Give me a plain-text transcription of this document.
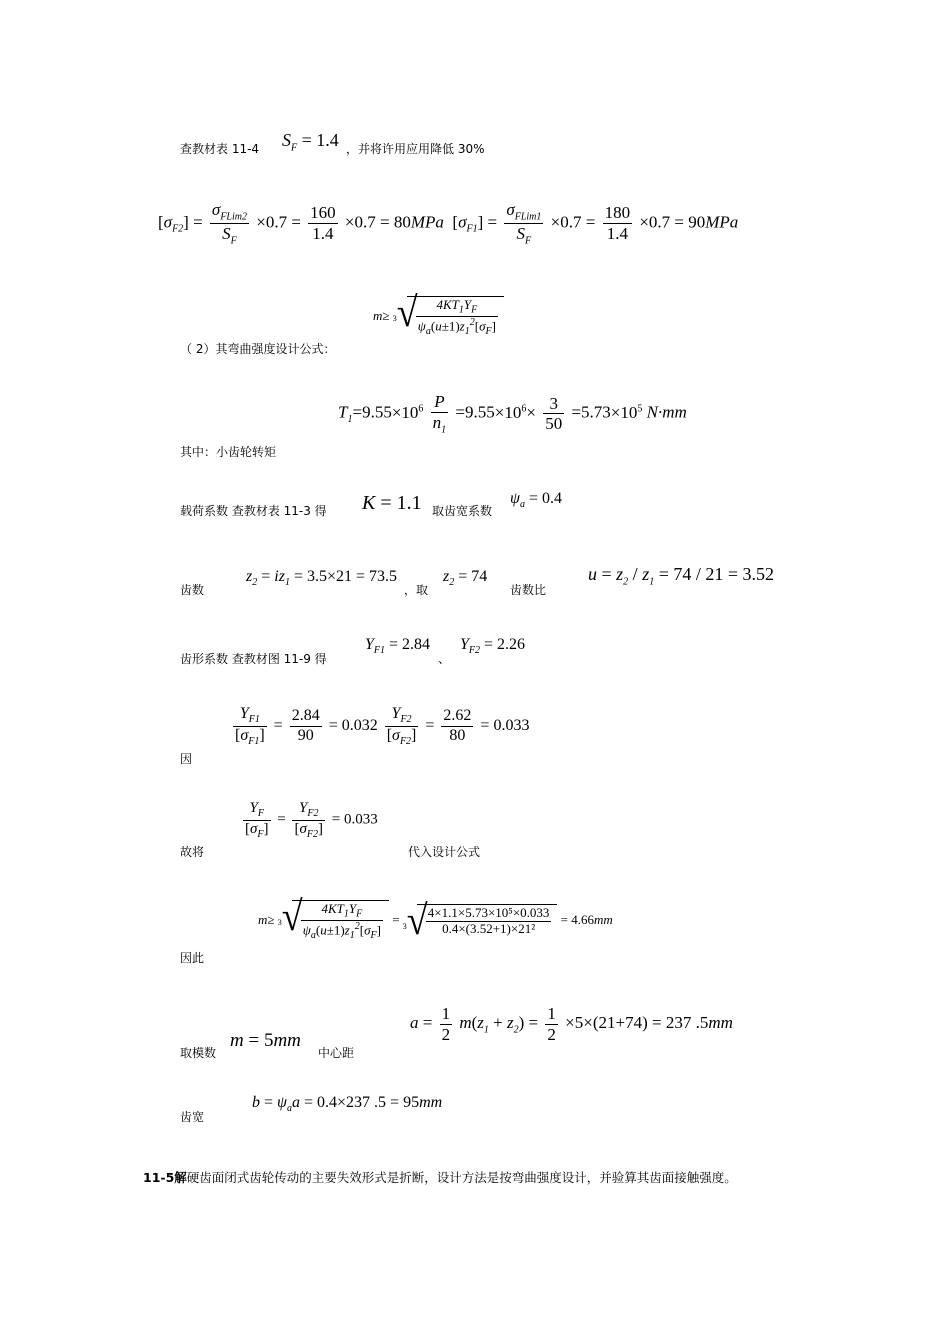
查教材表 11-4 $S_F = 1.4$ ，并将许用应用降低 30%
$[\sigma_{F2}] = \frac{\sigma_{FLim2}}{S_F} \times 0.7 = \frac{160}{1.4} \times 0.7 = 80MPa$ $[\sigma_{F1}] = \frac{\sigma_{FLim1}}{S_F} \times 0.7 = \frac{180}{1.4} \times 0.7 = 90MPa$
m≥ 3 √
$\frac{4KT_1Y_F}{\psi_a(u\pm 1)z_1^2[\sigma_F]}$
（ 2）其弯曲强度设计公式：
$T_1=9.55\times 10^6 \frac{P}{n_1} =9.55\times 10^6\times \frac{3}{50} =5.73\times 10^5$ N·mm
其中：小齿轮转矩
载荷系数 查教材表 11-3 得 K = 1.1 取齿宽系数
$\psi_a = 0.4$
齿数
$z_2 = iz_1 = 3.5\times 21 = 73.5$
，取
$z_2 = 74$
齿数比
$u = z_2 / z_1 = 74 / 21 = 3.52$
齿形系数 查教材图 11-9 得
$Y_{F1} = 2.84$
、
$Y_{F2} = 2.26$
$\frac{Y_{F1}}{[\sigma_{F1}]} = \frac{2.84}{90} = 0.032 \frac{Y_{F2}}{[\sigma_{F2}]} = \frac{2.62}{80} = 0.033$
因
$\frac{Y_F}{[\sigma_F]} = \frac{Y_{F2}}{[\sigma_{F2}]} = 0.033$
故将	代入设计公式
m≥ 3 √
$\frac{4KT_1Y_F}{\psi_a(u\pm 1)z_1^2[\sigma_F]}$ =
3 √
$\frac{\text{4×1.1×5.73×10⁵×0.033}}{\text{0.4×(3.52+1)×21²}} = 4.66mm$
因此
m = 5mm
取模数	中心距
$a = \frac{1}{2} m(z_1 + z_2) = \frac{1}{2} \times 5\times(21+74) = 237$ .5mm
齿宽
$b = \psi_aa = 0.4\times 237$ .5 = 95mm
11-5解硬齿面闭式齿轮传动的主要失效形式是折断，设计方法是按弯曲强度设计，并验算其齿面接触强度。
